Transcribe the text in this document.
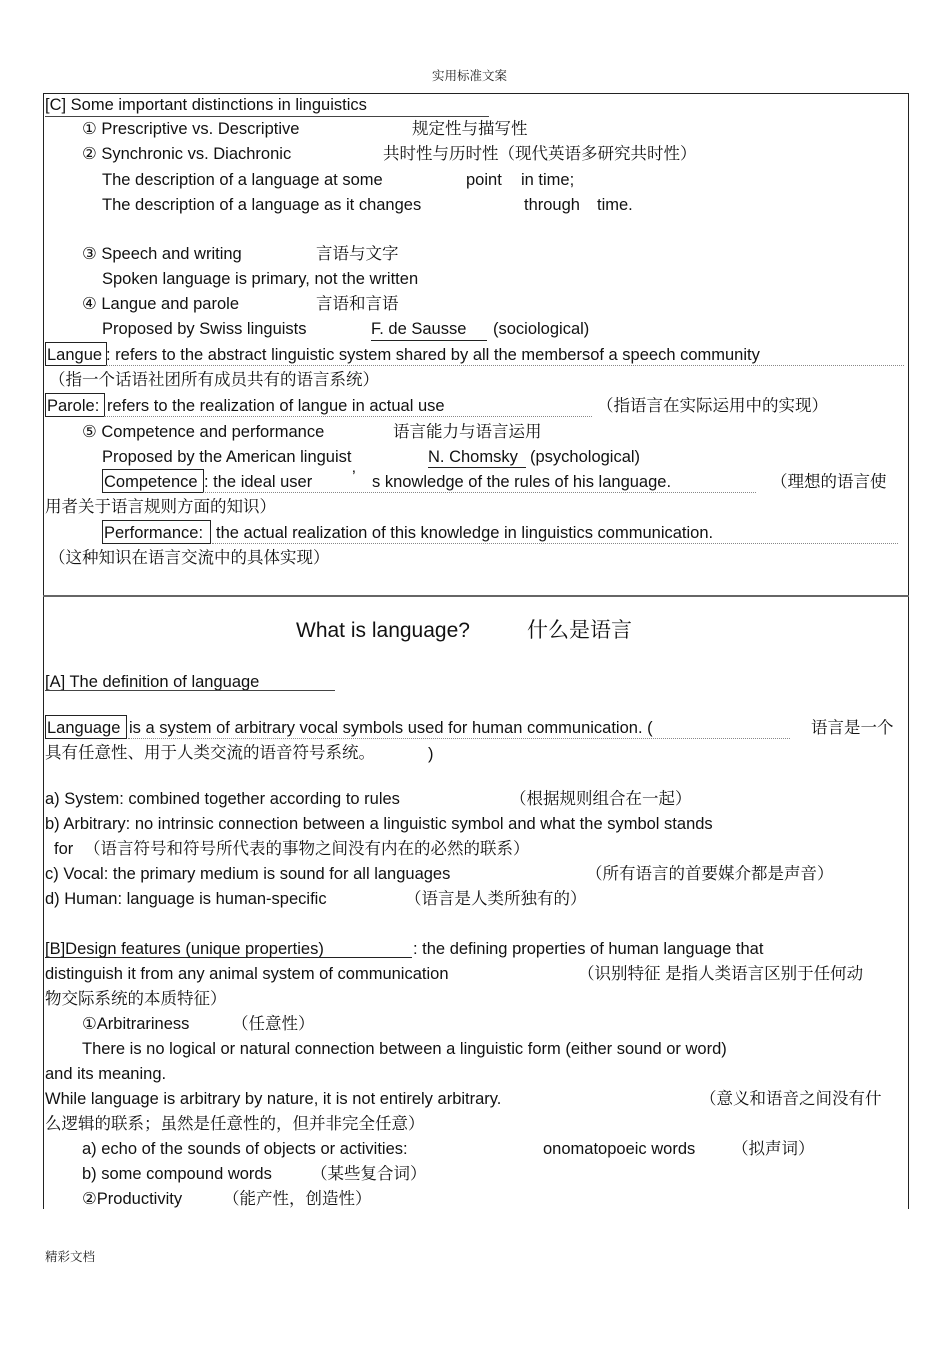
实用标准文案
精彩文档
[C] Some important distinctions in linguistics
① Prescriptive vs. Descriptive	规定性与描写性
② Synchronic vs. Diachronic	共时性与历时性（现代英语多研究共时性）
The description of a language at some	point in time;
The description of a language as it changes	through time.
③ Speech and writing	言语与文字
Spoken language is primary, not the written
④ Langue and parole	言语和言语
Proposed by Swiss linguists	F. de Sausse (sociological)
Langue : refers to the abstract linguistic system shared by all the membersof a speech community
（指一个话语社团所有成员共有的语言系统）
Parole: refers to the realization of langue in actual use	（指语言在实际运用中的实现）
⑤ Competence and performance	语言能力与语言运用
Proposed by the American linguist	N. Chomsky (psychological)
Competence : the ideal user ’ s knowledge of the rules of his language.	（理想的语言使
用者关于语言规则方面的知识）
Performance: the actual realization of this knowledge in linguistics communication.
（这种知识在语言交流中的具体实现）
What is language?	什么是语言
[A] The definition of language
Language is a system of arbitrary vocal symbols used for human communication. (	语言是一个
具有任意性、用于人类交流的语音符号系统。	)
a) System: combined together according to rules	（根据规则组合在一起）
b) Arbitrary: no intrinsic connection between a linguistic symbol and what the symbol stands
for （语言符号和符号所代表的事物之间没有内在的必然的联系）
c) Vocal: the primary medium is sound for all languages	（所有语言的首要媒介都是声音）
d) Human: language is human-specific	（语言是人类所独有的）
[B]Design features (unique properties)	: the defining properties of human language that
distinguish it from any animal system of communication	（识别特征 是指人类语言区别于任何动
物交际系统的本质特征）
①Arbitrariness	（任意性）
There is no logical or natural connection between a linguistic form (either sound or word)
and its meaning.
While language is arbitrary by nature, it is not entirely arbitrary.	（意义和语音之间没有什
么逻辑的联系；虽然是任意性的，但并非完全任意）
a) echo of the sounds of objects or activities:	onomatopoeic words （拟声词）
b) some compound words （某些复合词）
②Productivity （能产性，创造性）
